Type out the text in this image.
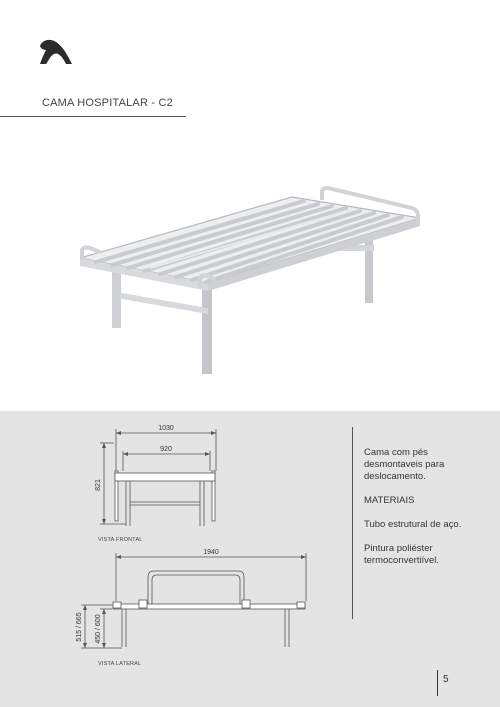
CAMA HOSPITALAR - C2
1030
920
821
VISTA FRONTAL
1940
515 / 665 450 / 600
VISTA LATERAL

Cama com pés desmontaveis para deslocamento.

MATERIAIS

Tubo estrutural de aço.

Pintura poliéster termoconvertiível.

5
